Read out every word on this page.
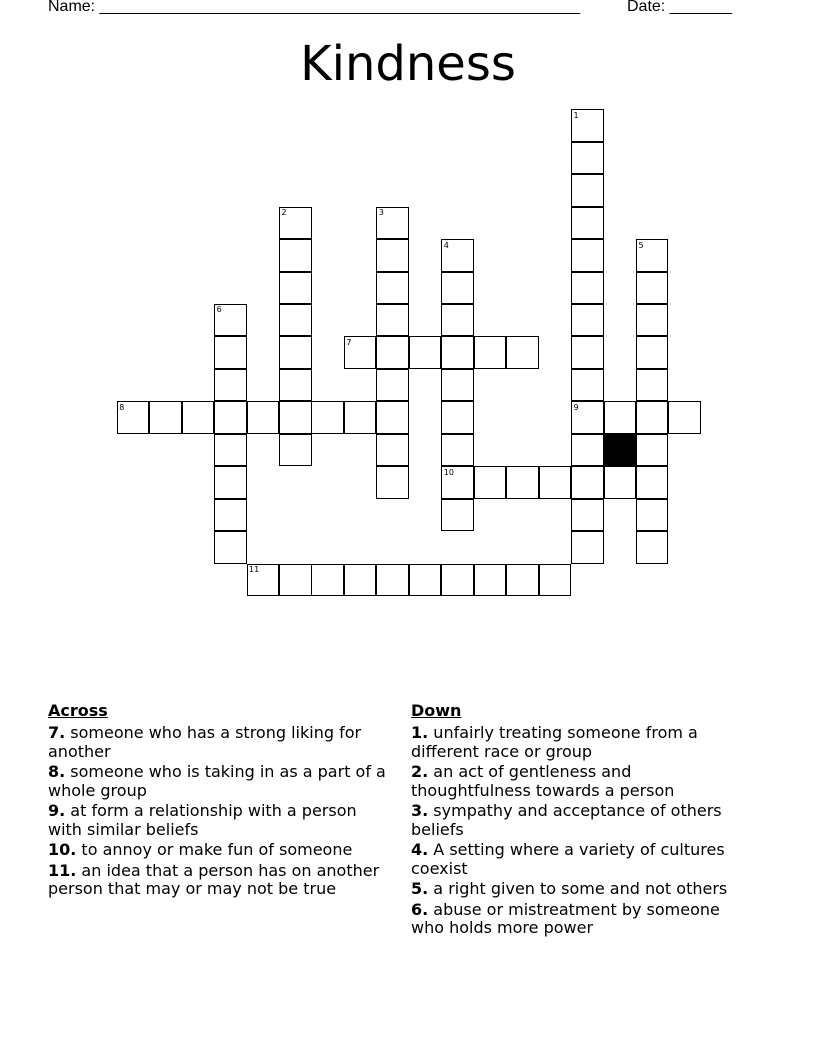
Name: ______________________________________________________	Date: _______
Kindness
1
2	3
4	5
6
7
8	9
10
11
Across
7. someone who has a strong liking for another
8. someone who is taking in as a part of a whole group
9. at form a relationship with a person with similar beliefs
10. to annoy or make fun of someone
11. an idea that a person has on another person that may or may not be true
Down
1. unfairly treating someone from a different race or group
2. an act of gentleness and thoughtfulness towards a person
3. sympathy and acceptance of others beliefs
4. A setting where a variety of cultures coexist
5. a right given to some and not others
6. abuse or mistreatment by someone who holds more power
